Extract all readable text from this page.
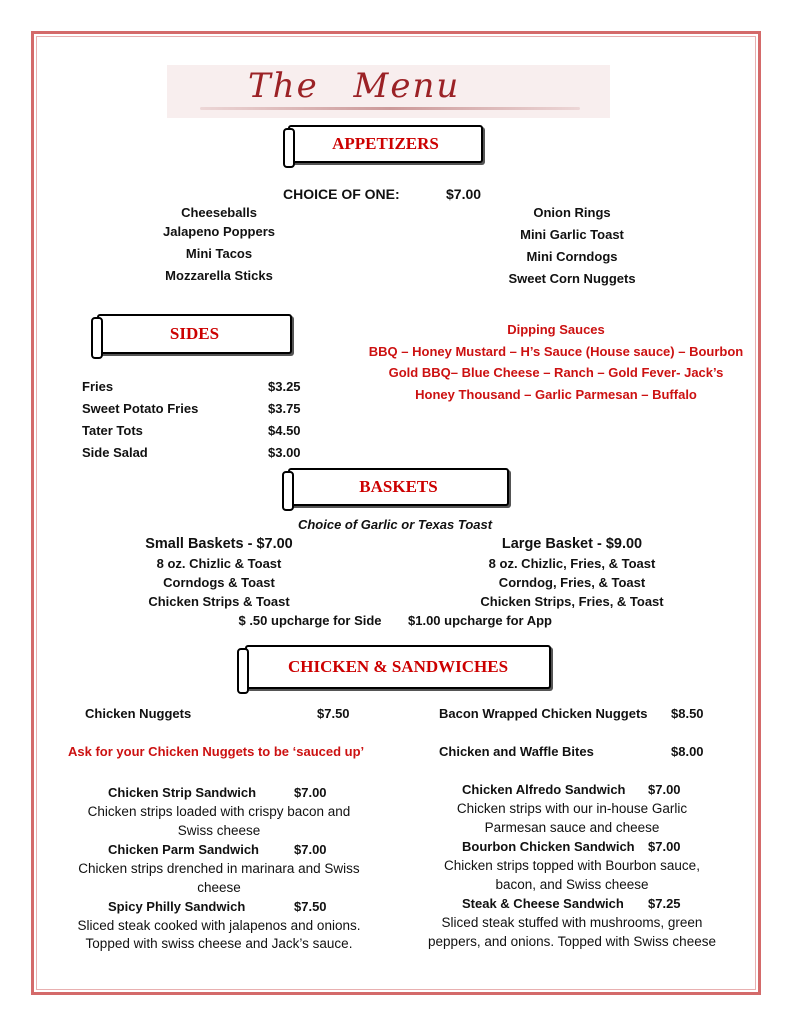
The Menu
APPETIZERS
CHOICE OF ONE:	$7.00
Cheeseballs
Jalapeno Poppers
Mini Tacos
Mozzarella Sticks
Onion Rings
Mini Garlic Toast
Mini Corndogs
Sweet Corn Nuggets
SIDES
Fries	$3.25
Sweet Potato Fries	$3.75
Tater Tots	$4.50
Side Salad	$3.00
Dipping Sauces
BBQ – Honey Mustard – H’s Sauce (House sauce) – Bourbon
Gold BBQ– Blue Cheese – Ranch – Gold Fever- Jack’s
Honey Thousand – Garlic Parmesan – Buffalo
BASKETS
Choice of Garlic or Texas Toast
Small Baskets - $7.00
8 oz. Chizlic & Toast
Corndogs & Toast
Chicken Strips & Toast
Large Basket - $9.00
8 oz. Chizlic, Fries, & Toast
Corndog, Fries, & Toast
Chicken Strips, Fries, & Toast
$ .50 upcharge for Side $1.00 upcharge for App
CHICKEN & SANDWICHES
Chicken Nuggets	$7.50	Bacon Wrapped Chicken Nuggets $8.50
Ask for your Chicken Nuggets to be ‘sauced up’	Chicken and Waffle Bites	$8.00
Chicken Strip Sandwich	$7.00
Chicken strips loaded with crispy bacon and
Swiss cheese
Chicken Parm Sandwich	$7.00
Chicken strips drenched in marinara and Swiss
cheese
Spicy Philly Sandwich	$7.50
Sliced steak cooked with jalapenos and onions.
Topped with swiss cheese and Jack’s sauce.
Chicken Alfredo Sandwich $7.00
Chicken strips with our in-house Garlic
Parmesan sauce and cheese
Bourbon Chicken Sandwich $7.00
Chicken strips topped with Bourbon sauce,
bacon, and Swiss cheese
Steak & Cheese Sandwich $7.25
Sliced steak stuffed with mushrooms, green
peppers, and onions. Topped with Swiss cheese
